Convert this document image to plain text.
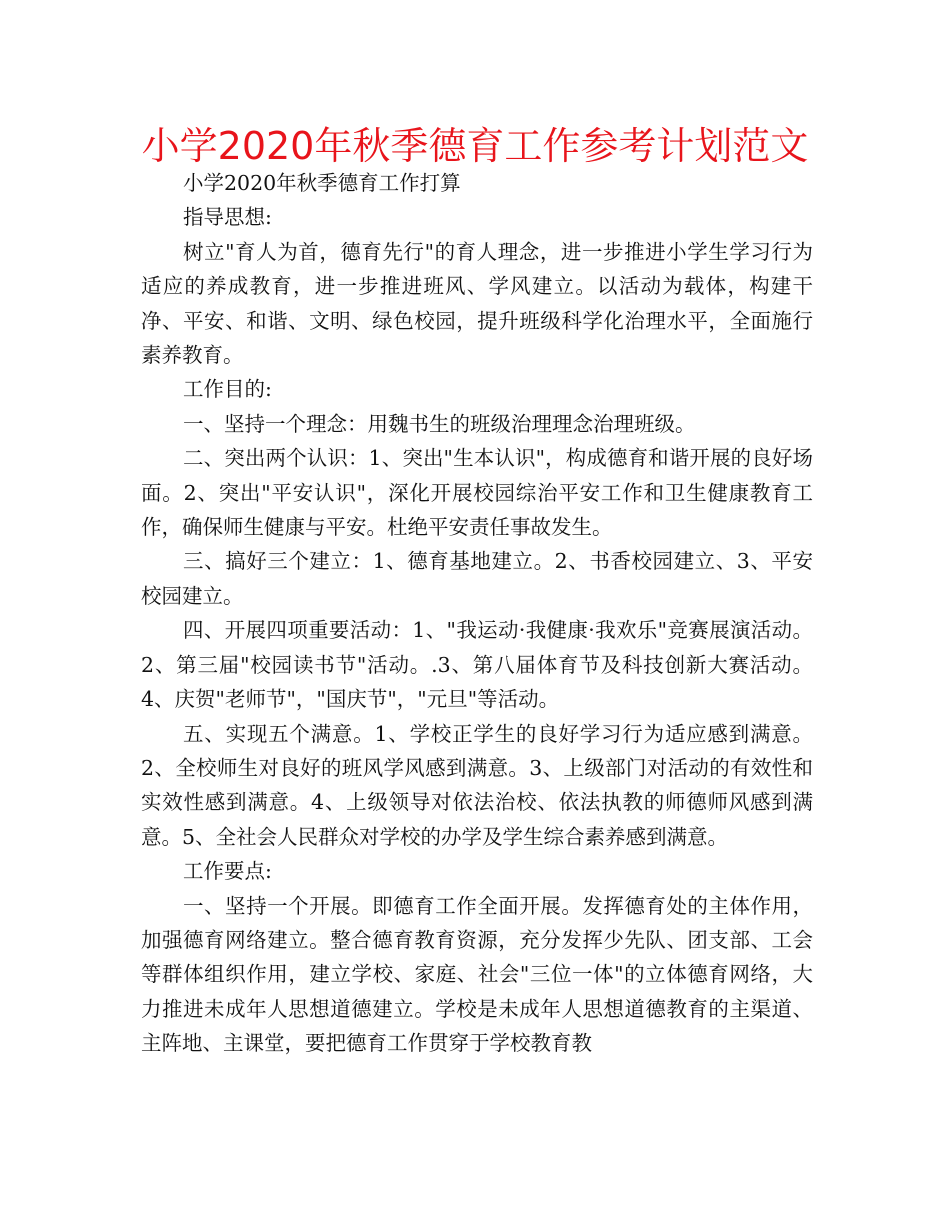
小学2020年秋季德育工作参考计划范文

小学2020年秋季德育工作打算

指导思想:

树立"育人为首，德育先行"的育人理念，进一步推进小学生学习行为适应的养成教育，进一步推进班风、学风建立。以活动为载体，构建干净、平安、和谐、文明、绿色校园，提升班级科学化治理水平，全面施行素养教育。

工作目的:

一、坚持一个理念：用魏书生的班级治理理念治理班级。

二、突出两个认识：1、突出"生本认识"，构成德育和谐开展的良好场面。2、突出"平安认识"，深化开展校园综治平安工作和卫生健康教育工作，确保师生健康与平安。杜绝平安责任事故发生。

三、搞好三个建立：1、德育基地建立。2、书香校园建立、3、平安校园建立。

四、开展四项重要活动：1、"我运动·我健康·我欢乐"竞赛展演活动。2、第三届"校园读书节"活动。.3、第八届体育节及科技创新大赛活动。4、庆贺"老师节"，"国庆节"，"元旦"等活动。

五、实现五个满意。1、学校正学生的良好学习行为适应感到满意。2、全校师生对良好的班风学风感到满意。3、上级部门对活动的有效性和实效性感到满意。4、上级领导对依法治校、依法执教的师德师风感到满意。5、全社会人民群众对学校的办学及学生综合素养感到满意。

工作要点:

一、坚持一个开展。即德育工作全面开展。发挥德育处的主体作用，加强德育网络建立。整合德育教育资源，充分发挥少先队、团支部、工会等群体组织作用，建立学校、家庭、社会"三位一体"的立体德育网络，大力推进未成年人思想道德建立。学校是未成年人思想道德教育的主渠道、主阵地、主课堂，要把德育工作贯穿于学校教育教
